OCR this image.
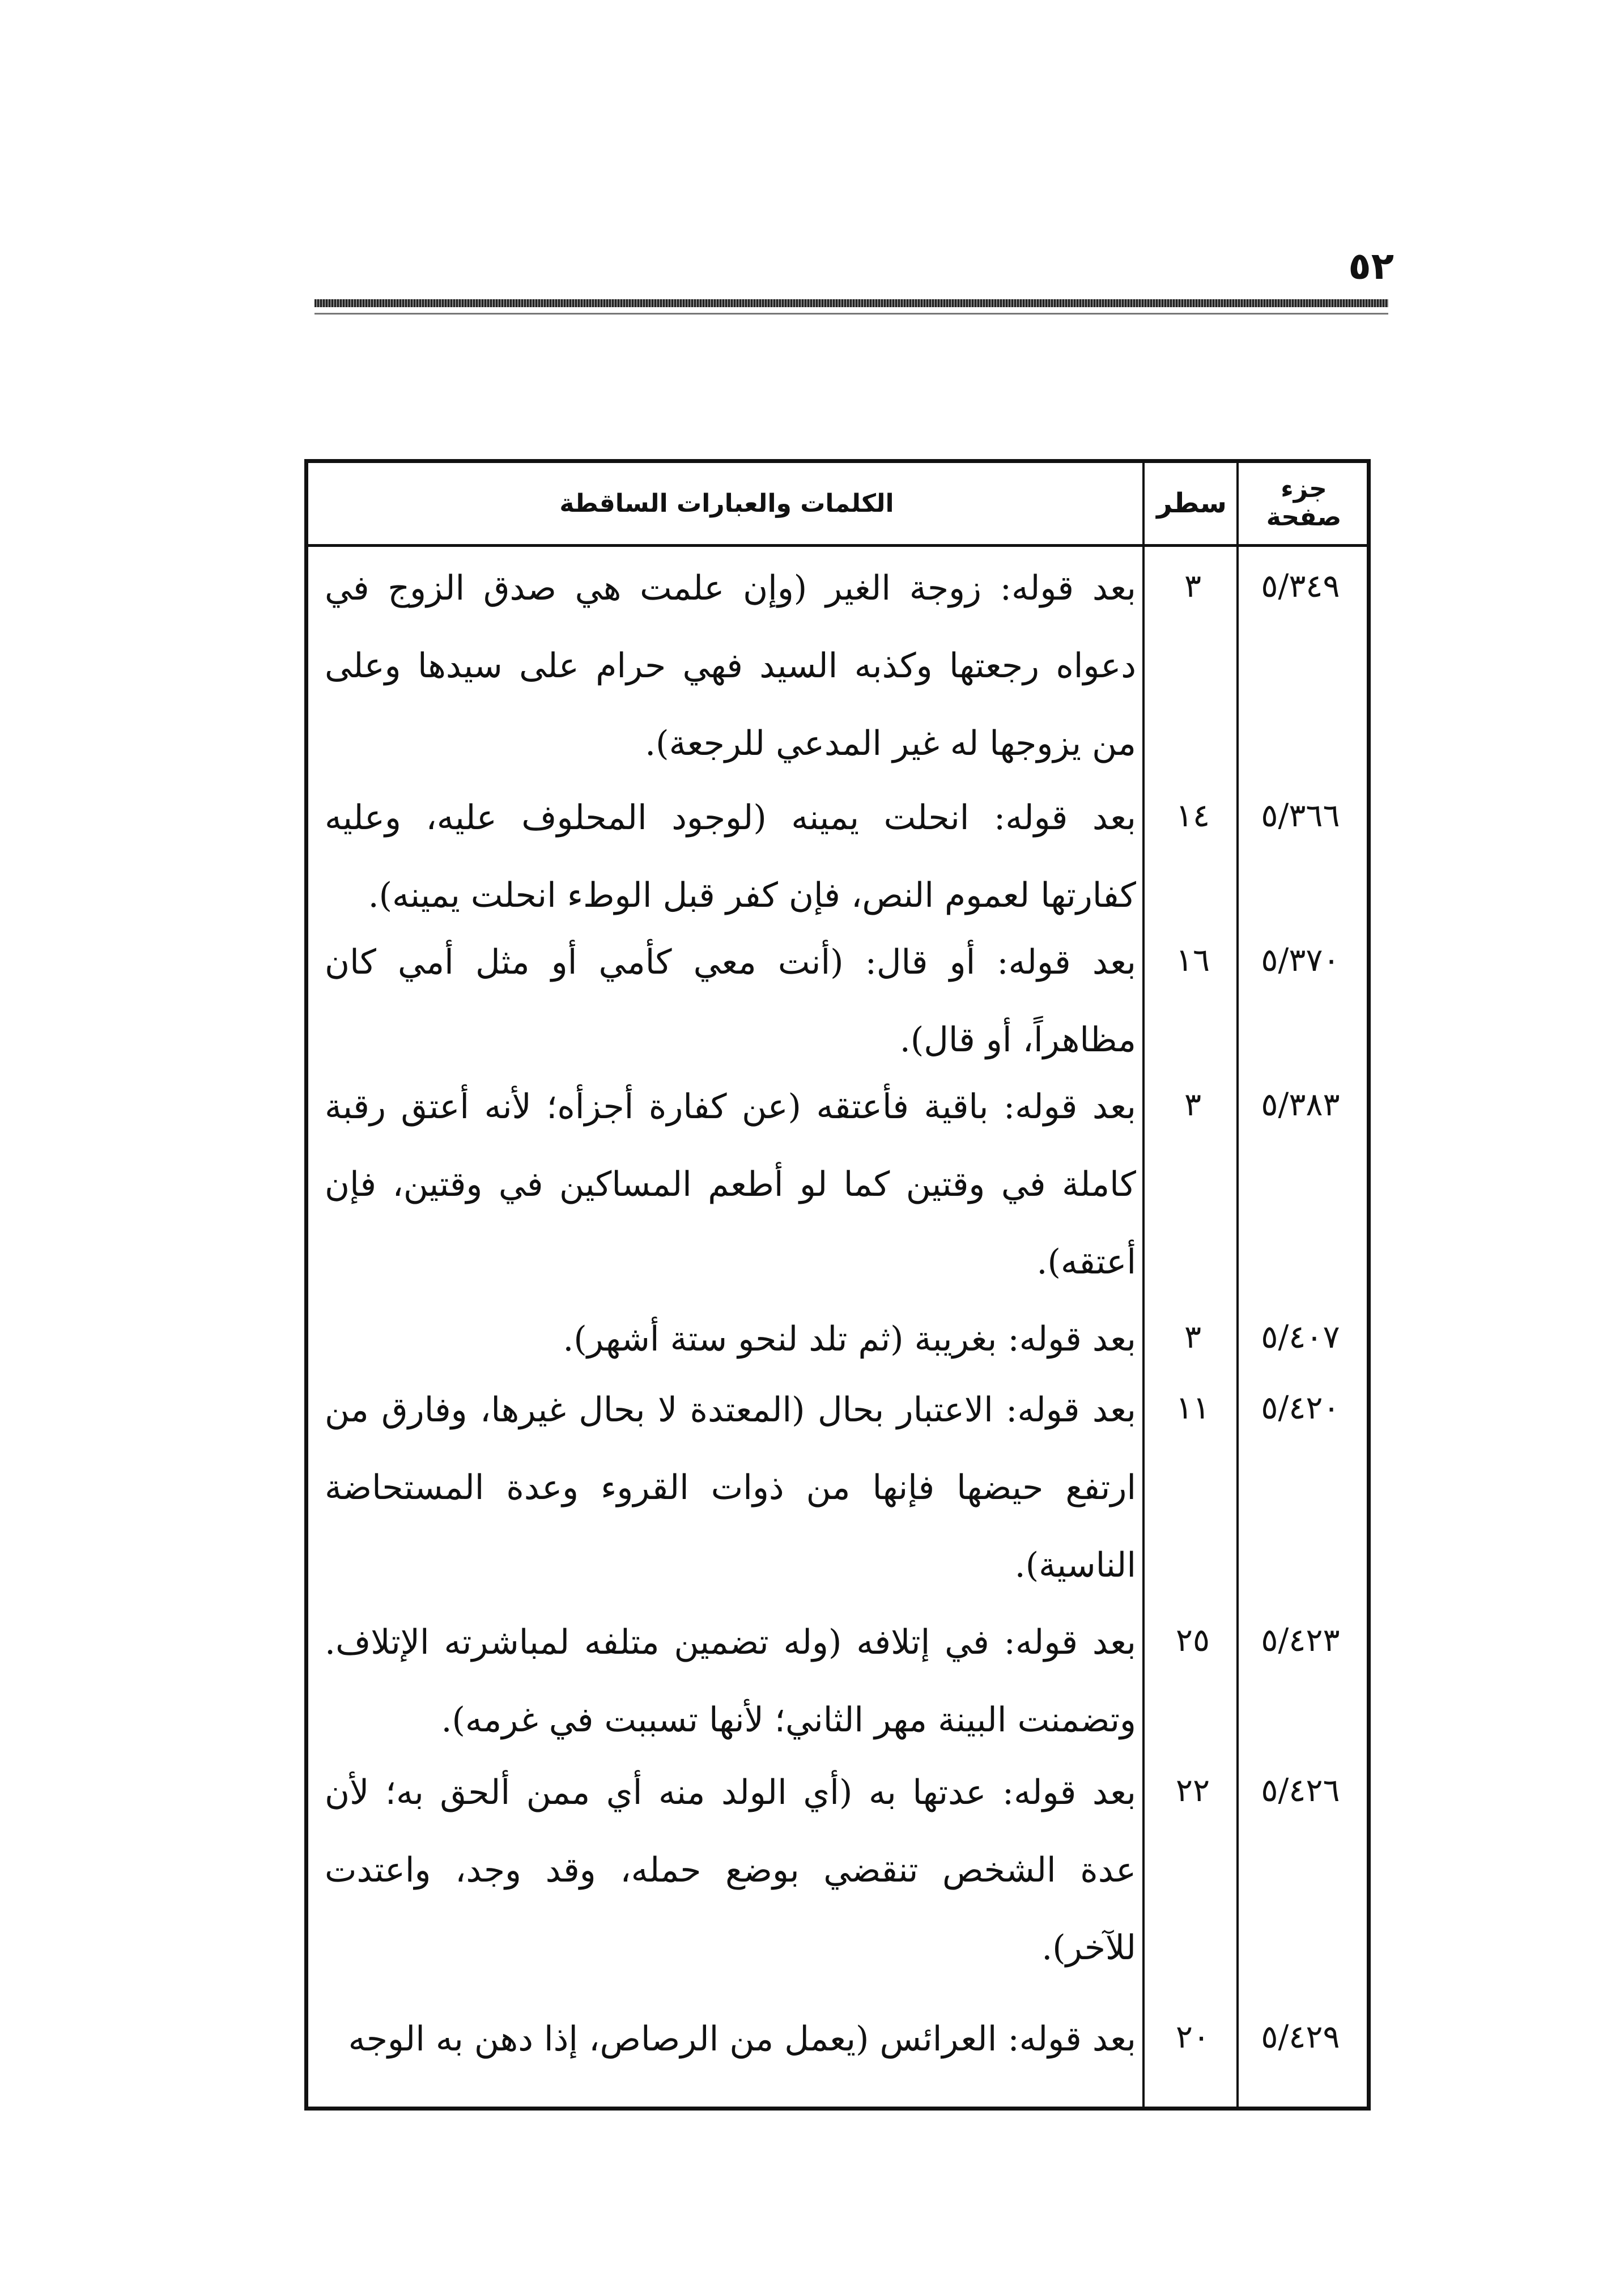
٥٢
جزء
صفحة
سطر
الكلمات والعبارات الساقطة
٥/٣٤٩
٣
بعد قوله: زوجة الغير (وإن علمت هي صدق الزوج في دعواه رجعتها وكذبه السيد فهي حرام على سيدها وعلى من يزوجها له غير المدعي للرجعة).
٥/٣٦٦
١٤
بعد قوله: انحلت يمينه (لوجود المحلوف عليه، وعليه كفارتها لعموم النص، فإن كفر قبل الوطء انحلت يمينه).
٥/٣٧٠
١٦
بعد قوله: أو قال: (أنت معي كأمي أو مثل أمي كان مظاهراً، أو قال).
٥/٣٨٣
٣
بعد قوله: باقية فأعتقه (عن كفارة أجزأه؛ لأنه أعتق رقبة كاملة في وقتين كما لو أطعم المساكين في وقتين، فإن أعتقه).
٥/٤٠٧
٣
بعد قوله: بغريبة (ثم تلد لنحو ستة أشهر).
٥/٤٢٠
١١
بعد قوله: الاعتبار بحال (المعتدة لا بحال غيرها، وفارق من ارتفع حيضها فإنها من ذوات القروء وعدة المستحاضة الناسية).
٥/٤٢٣
٢٥
بعد قوله: في إتلافه (وله تضمين متلفه لمباشرته الإتلاف. وتضمنت البينة مهر الثاني؛ لأنها تسببت في غرمه).
٥/٤٢٦
٢٢
بعد قوله: عدتها به (أي الولد منه أي ممن ألحق به؛ لأن عدة الشخص تنقضي بوضع حمله، وقد وجد، واعتدت للآخر).
٥/٤٢٩
٢٠
بعد قوله: العرائس (يعمل من الرصاص، إذا دهن به الوجه
